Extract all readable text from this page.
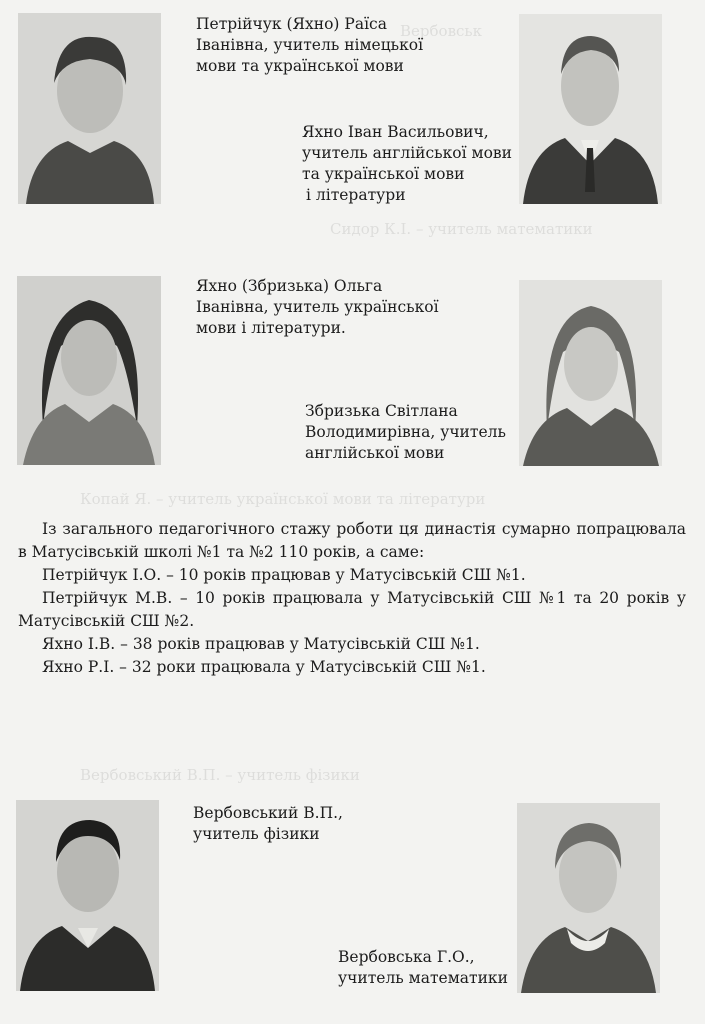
Вербовськ
Сидор К.І. – учитель математики
Копай Я. – учитель української мови та літератури
Вербовський В.П. – учитель фізики
Петрійчук (Яхно) Раїса
Іванівна, учитель німецької
мови та української мови
Яхно Іван Васильович,
учитель англійської мови
та української мови
і літератури
Яхно (Збризька) Ольга
Іванівна, учитель української
мови і літератури.
Збризька Світлана
Володимирівна, учитель
англійської мови
Вербовський В.П.,
учитель фізики
Вербовська Г.О.,
учитель математики

Із загального педагогічного стажу роботи ця династія сумарно попрацювала в Матусівській школі №1 та №2 110 років, а саме:

Петрійчук І.О. – 10 років працював у Матусівській СШ №1.

Петрійчук М.В. – 10 років працювала у Матусівській СШ №1 та 20 років у Матусівській СШ №2.

Яхно І.В. – 38 років працював у Матусівській СШ №1.

Яхно Р.І. – 32 роки працювала у Матусівській СШ №1.
